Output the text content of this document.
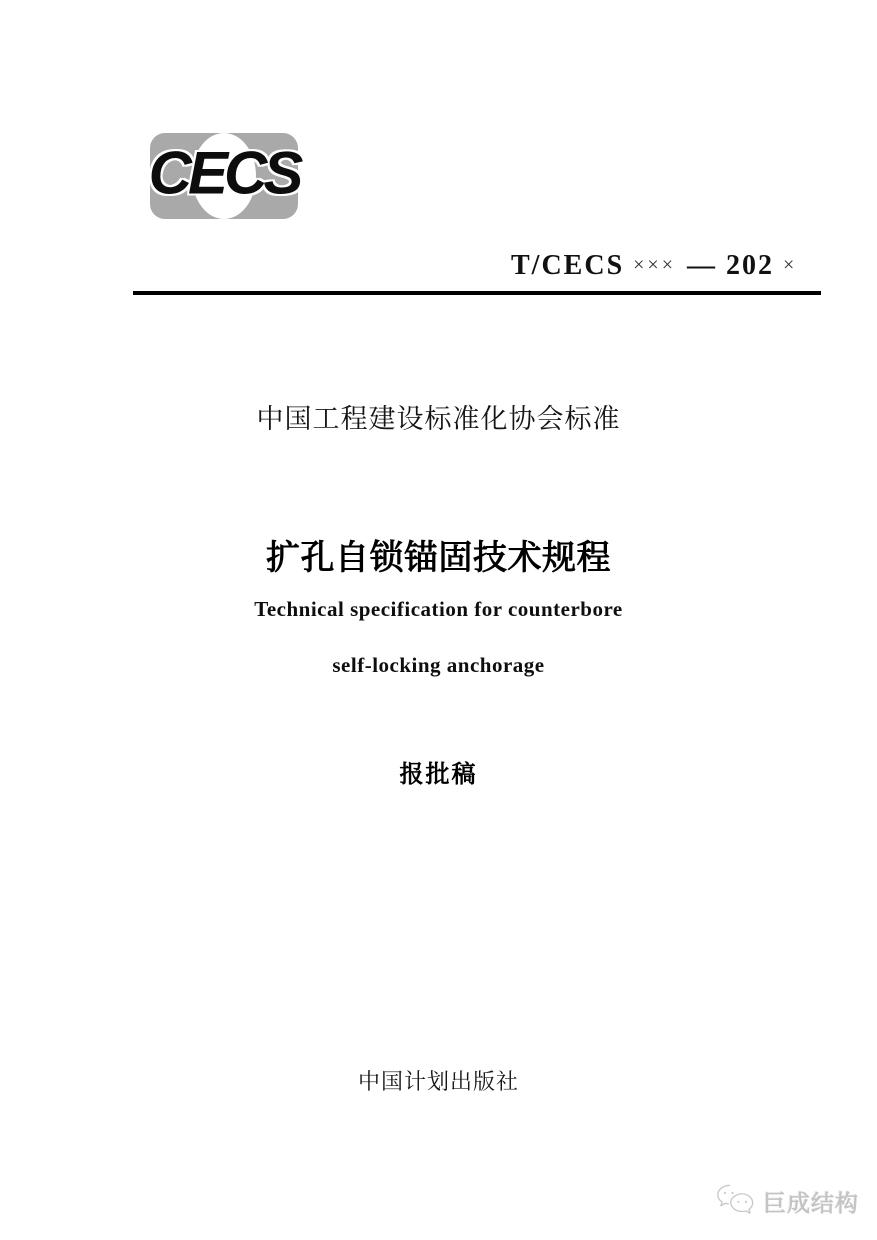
CECS
T/CECS ××× — 202 ×
中国工程建设标准化协会标准
扩孔自锁锚固技术规程
Technical specification for counterbore
self-locking anchorage
报批稿
中国计划出版社
巨成结构
